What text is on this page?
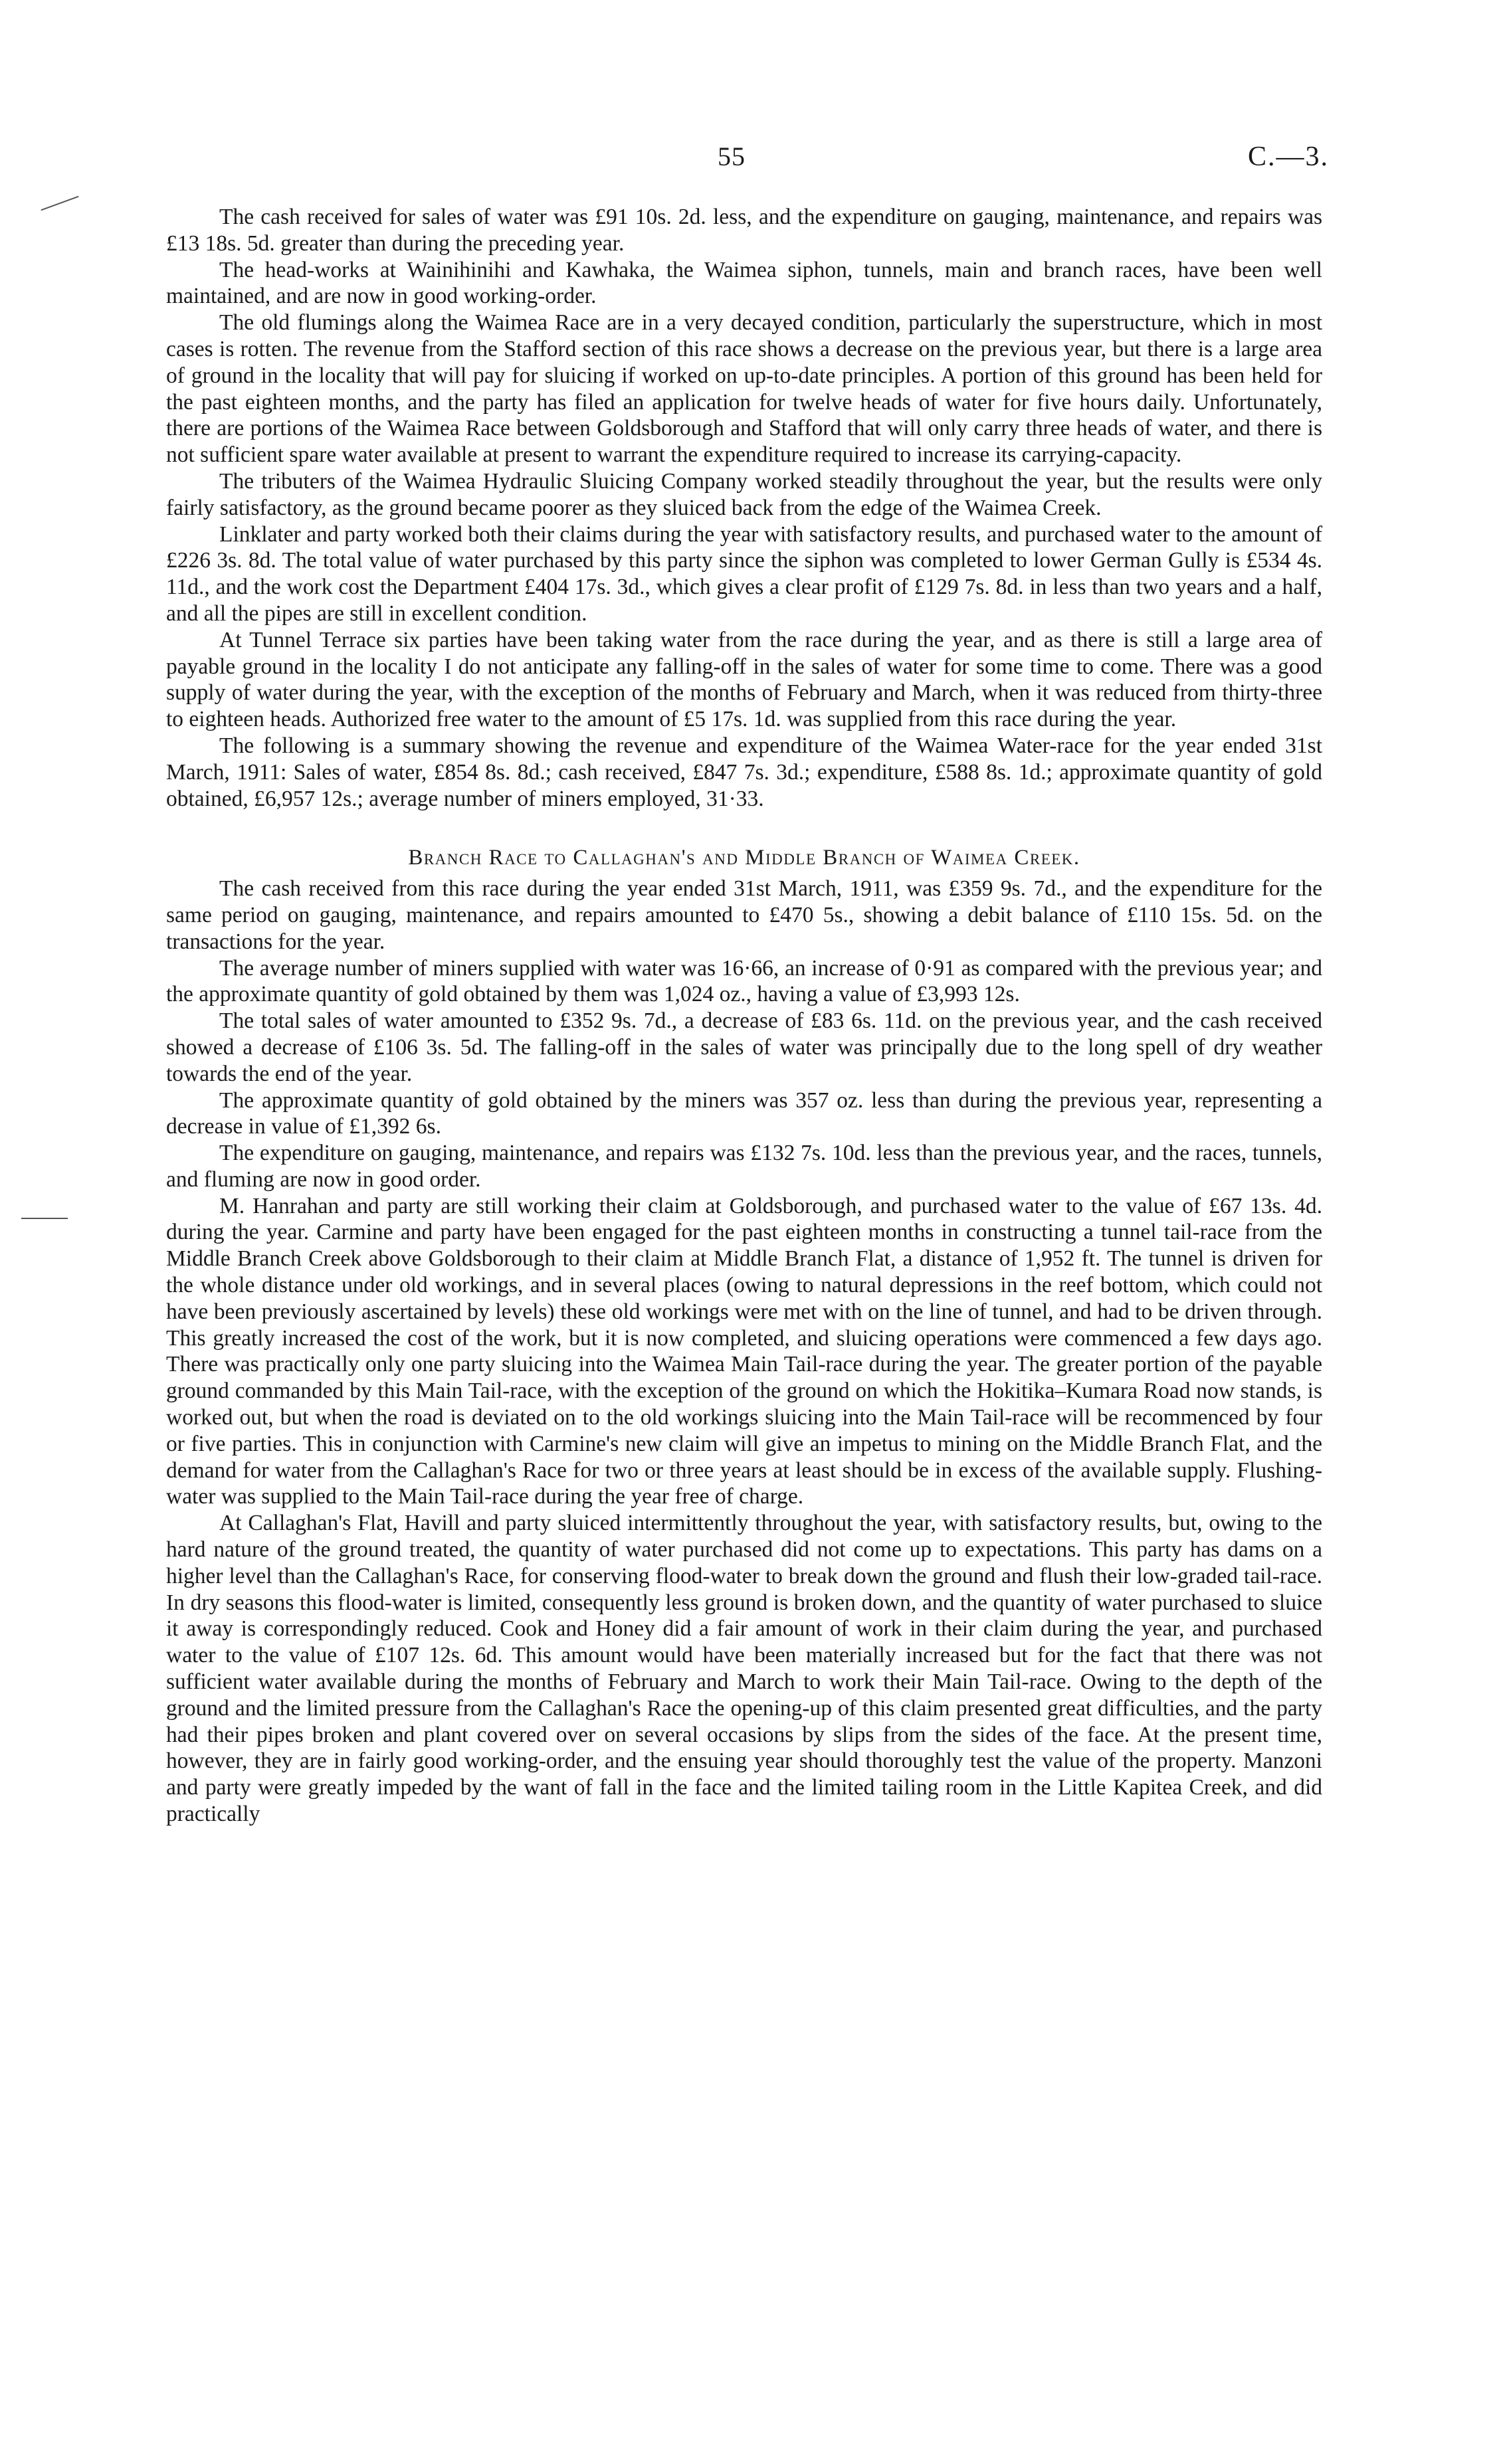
55	C.—3.

The cash received for sales of water was £91 10s. 2d. less, and the expenditure on gauging, maintenance, and repairs was £13 18s. 5d. greater than during the preceding year.

The head-works at Wainihinihi and Kawhaka, the Waimea siphon, tunnels, main and branch races, have been well maintained, and are now in good working-order.

The old flumings along the Waimea Race are in a very decayed condition, particularly the superstructure, which in most cases is rotten. The revenue from the Stafford section of this race shows a decrease on the previous year, but there is a large area of ground in the locality that will pay for sluicing if worked on up-to-date principles. A portion of this ground has been held for the past eighteen months, and the party has filed an application for twelve heads of water for five hours daily. Unfortunately, there are portions of the Waimea Race between Goldsborough and Stafford that will only carry three heads of water, and there is not sufficient spare water available at present to warrant the expenditure required to increase its carrying-capacity.

The tributers of the Waimea Hydraulic Sluicing Company worked steadily throughout the year, but the results were only fairly satisfactory, as the ground became poorer as they sluiced back from the edge of the Waimea Creek.

Linklater and party worked both their claims during the year with satisfactory results, and purchased water to the amount of £226 3s. 8d. The total value of water purchased by this party since the siphon was completed to lower German Gully is £534 4s. 11d., and the work cost the Department £404 17s. 3d., which gives a clear profit of £129 7s. 8d. in less than two years and a half, and all the pipes are still in excellent condition.

At Tunnel Terrace six parties have been taking water from the race during the year, and as there is still a large area of payable ground in the locality I do not anticipate any falling-off in the sales of water for some time to come. There was a good supply of water during the year, with the exception of the months of February and March, when it was reduced from thirty-three to eighteen heads. Authorized free water to the amount of £5 17s. 1d. was supplied from this race during the year.

The following is a summary showing the revenue and expenditure of the Waimea Water-race for the year ended 31st March, 1911: Sales of water, £854 8s. 8d.; cash received, £847 7s. 3d.; expenditure, £588 8s. 1d.; approximate quantity of gold obtained, £6,957 12s.; average number of miners employed, 31·33.

Branch Race to Callaghan's and Middle Branch of Waimea Creek.

The cash received from this race during the year ended 31st March, 1911, was £359 9s. 7d., and the expenditure for the same period on gauging, maintenance, and repairs amounted to £470 5s., showing a debit balance of £110 15s. 5d. on the transactions for the year.

The average number of miners supplied with water was 16·66, an increase of 0·91 as compared with the previous year; and the approximate quantity of gold obtained by them was 1,024 oz., having a value of £3,993 12s.

The total sales of water amounted to £352 9s. 7d., a decrease of £83 6s. 11d. on the previous year, and the cash received showed a decrease of £106 3s. 5d. The falling-off in the sales of water was principally due to the long spell of dry weather towards the end of the year.

The approximate quantity of gold obtained by the miners was 357 oz. less than during the previous year, representing a decrease in value of £1,392 6s.

The expenditure on gauging, maintenance, and repairs was £132 7s. 10d. less than the previous year, and the races, tunnels, and fluming are now in good order.

M. Hanrahan and party are still working their claim at Goldsborough, and purchased water to the value of £67 13s. 4d. during the year. Carmine and party have been engaged for the past eighteen months in constructing a tunnel tail-race from the Middle Branch Creek above Goldsborough to their claim at Middle Branch Flat, a distance of 1,952 ft. The tunnel is driven for the whole distance under old workings, and in several places (owing to natural depressions in the reef bottom, which could not have been previously ascertained by levels) these old workings were met with on the line of tunnel, and had to be driven through. This greatly increased the cost of the work, but it is now completed, and sluicing operations were commenced a few days ago. There was practically only one party sluicing into the Waimea Main Tail-race during the year. The greater portion of the payable ground commanded by this Main Tail-race, with the exception of the ground on which the Hokitika–Kumara Road now stands, is worked out, but when the road is deviated on to the old workings sluicing into the Main Tail-race will be recommenced by four or five parties. This in conjunction with Carmine's new claim will give an impetus to mining on the Middle Branch Flat, and the demand for water from the Callaghan's Race for two or three years at least should be in excess of the available supply. Flushing-water was supplied to the Main Tail-race during the year free of charge.

At Callaghan's Flat, Havill and party sluiced intermittently throughout the year, with satisfactory results, but, owing to the hard nature of the ground treated, the quantity of water purchased did not come up to expectations. This party has dams on a higher level than the Callaghan's Race, for conserving flood-water to break down the ground and flush their low-graded tail-race. In dry seasons this flood-water is limited, consequently less ground is broken down, and the quantity of water purchased to sluice it away is correspondingly reduced. Cook and Honey did a fair amount of work in their claim during the year, and purchased water to the value of £107 12s. 6d. This amount would have been materially increased but for the fact that there was not sufficient water available during the months of February and March to work their Main Tail-race. Owing to the depth of the ground and the limited pressure from the Callaghan's Race the opening-up of this claim presented great difficulties, and the party had their pipes broken and plant covered over on several occasions by slips from the sides of the face. At the present time, however, they are in fairly good working-order, and the ensuing year should thoroughly test the value of the property. Manzoni and party were greatly impeded by the want of fall in the face and the limited tailing room in the Little Kapitea Creek, and did practically
